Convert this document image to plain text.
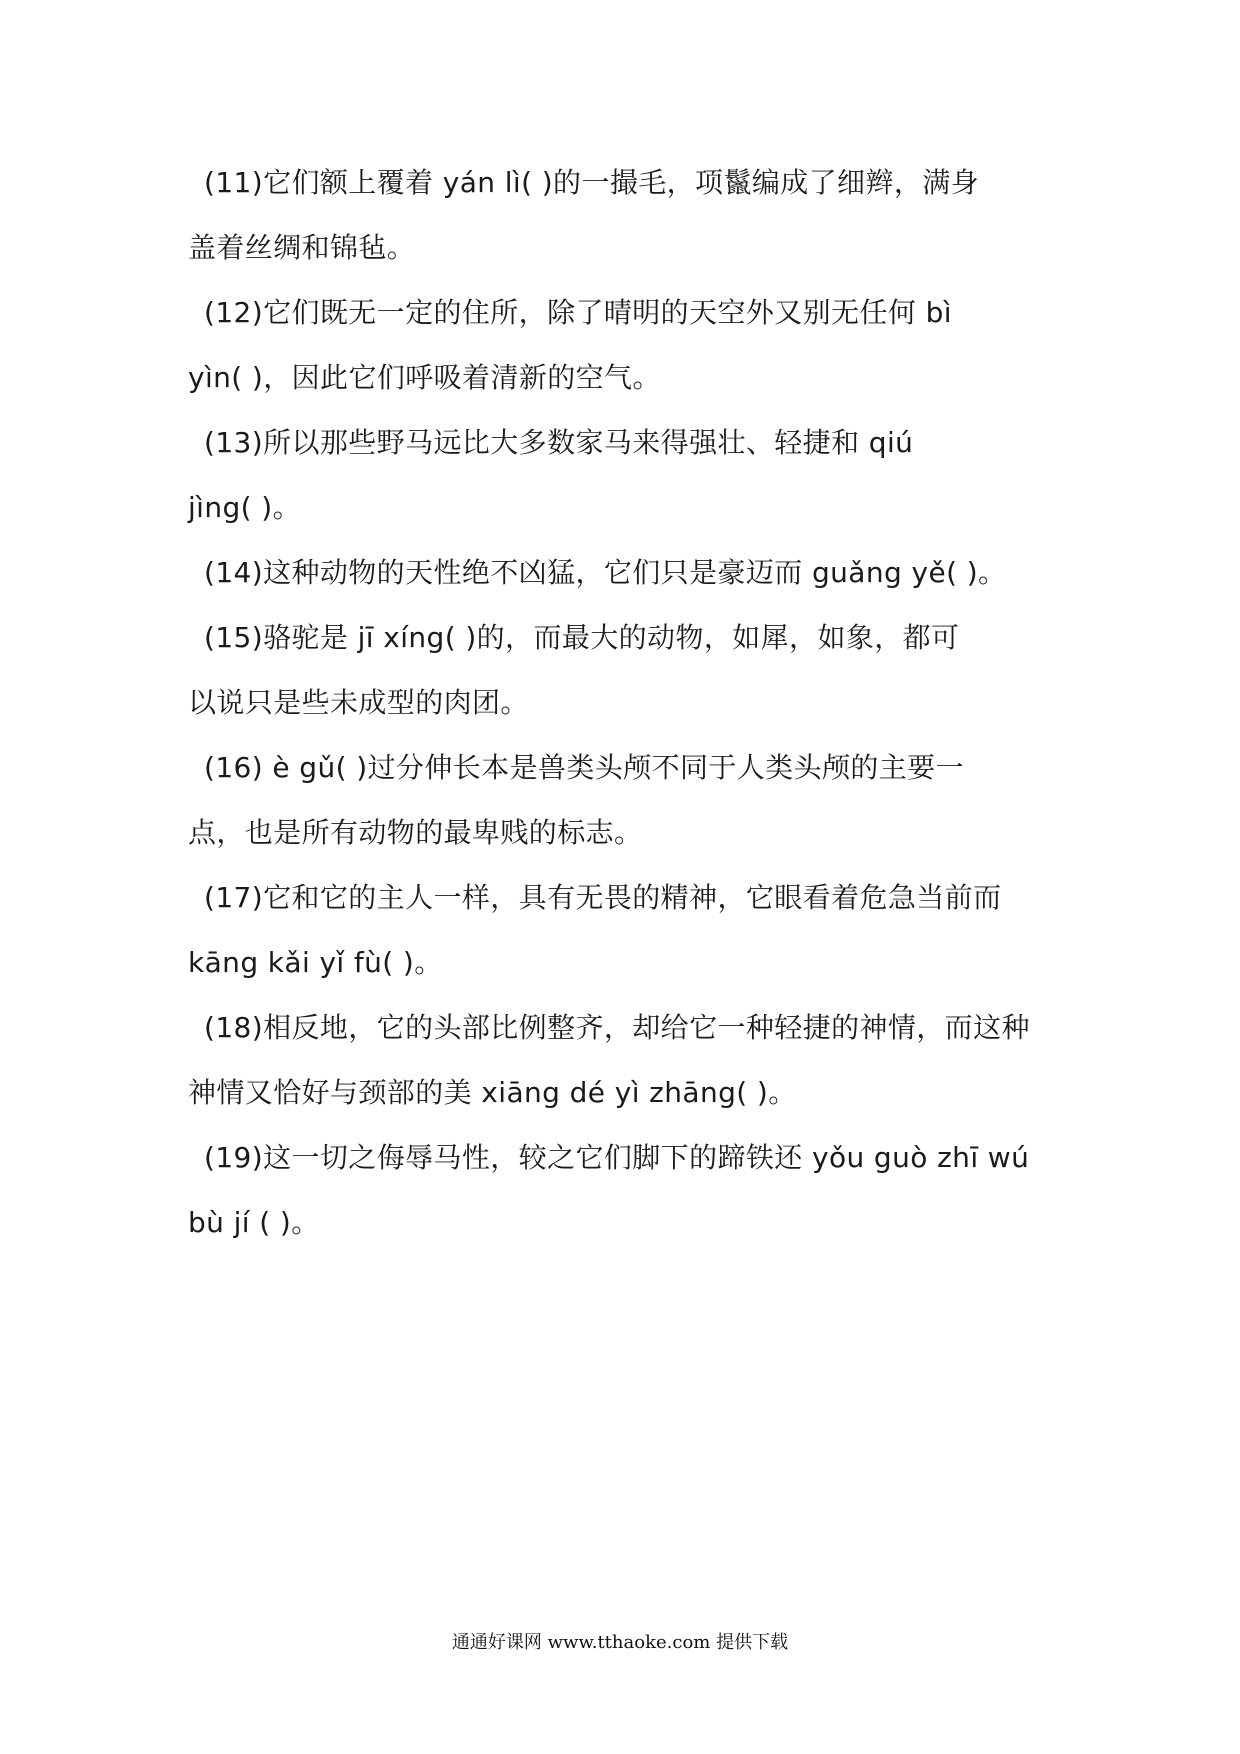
(11)它们额上覆着 yán lì( )的一撮毛，项鬣编成了细辫，满身
盖着丝绸和锦毡。
(12)它们既无一定的住所，除了晴明的天空外又别无任何 bì
yìn( )，因此它们呼吸着清新的空气。
(13)所以那些野马远比大多数家马来得强壮、轻捷和 qiú
jìng( )。
(14)这种动物的天性绝不凶猛，它们只是豪迈而 guǎng yě( )。
(15)骆驼是 jī xíng( )的，而最大的动物，如犀，如象，都可
以说只是些未成型的肉团。
(16) è gǔ( )过分伸长本是兽类头颅不同于人类头颅的主要一
点，也是所有动物的最卑贱的标志。
(17)它和它的主人一样，具有无畏的精神，它眼看着危急当前而
kāng kǎi yǐ fù( )。
(18)相反地，它的头部比例整齐，却给它一种轻捷的神情，而这种
神情又恰好与颈部的美 xiāng dé yì zhāng( )。
(19)这一切之侮辱马性，较之它们脚下的蹄铁还 yǒu guò zhī wú
bù jí ( )。
通通好课网 www.tthaoke.com 提供下载
